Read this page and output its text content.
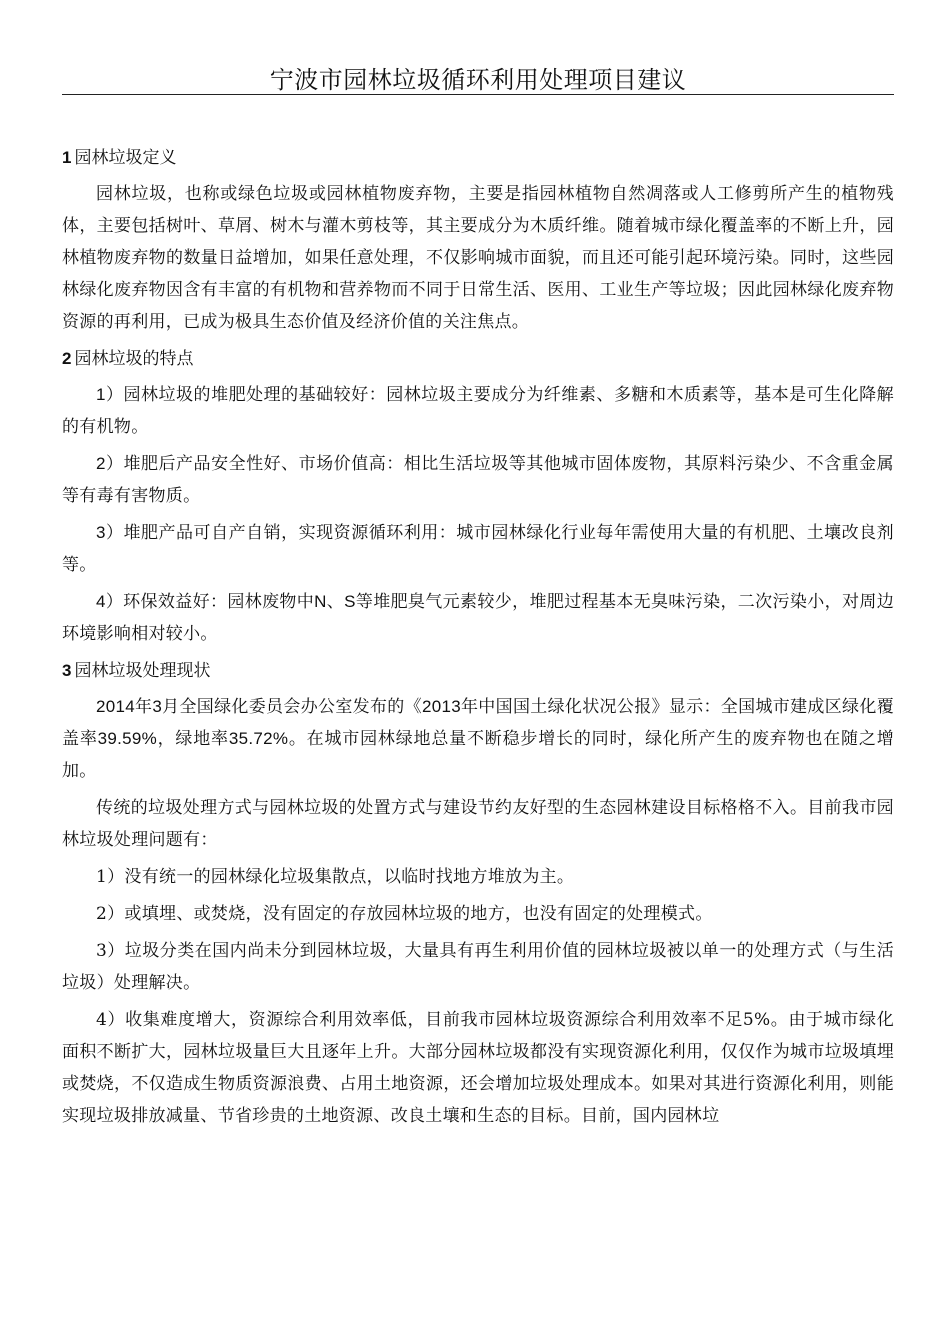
宁波市园林垃圾循环利用处理项目建议
1 园林垃圾定义

园林垃圾，也称或绿色垃圾或园林植物废弃物，主要是指园林植物自然凋落或人工修剪所产生的植物残体，主要包括树叶、草屑、树木与灌木剪枝等，其主要成分为木质纤维。随着城市绿化覆盖率的不断上升，园林植物废弃物的数量日益增加，如果任意处理，不仅影响城市面貌，而且还可能引起环境污染。同时，这些园林绿化废弃物因含有丰富的有机物和营养物而不同于日常生活、医用、工业生产等垃圾；因此园林绿化废弃物资源的再利用，已成为极具生态价值及经济价值的关注焦点。

2 园林垃圾的特点

1）园林垃圾的堆肥处理的基础较好：园林垃圾主要成分为纤维素、多糖和木质素等，基本是可生化降解的有机物。

2）堆肥后产品安全性好、市场价值高：相比生活垃圾等其他城市固体废物，其原料污染少、不含重金属等有毒有害物质。

3）堆肥产品可自产自销，实现资源循环利用：城市园林绿化行业每年需使用大量的有机肥、土壤改良剂等。

4）环保效益好：园林废物中N、S等堆肥臭气元素较少，堆肥过程基本无臭味污染，二次污染小，对周边环境影响相对较小。

3 园林垃圾处理现状

2014年3月全国绿化委员会办公室发布的《2013年中国国土绿化状况公报》显示：全国城市建成区绿化覆盖率39.59%，绿地率35.72%。在城市园林绿地总量不断稳步增长的同时，绿化所产生的废弃物也在随之增加。

传统的垃圾处理方式与园林垃圾的处置方式与建设节约友好型的生态园林建设目标格格不入。目前我市园林垃圾处理问题有：

1）没有统一的园林绿化垃圾集散点，以临时找地方堆放为主。

2）或填埋、或焚烧，没有固定的存放园林垃圾的地方，也没有固定的处理模式。

3）垃圾分类在国内尚未分到园林垃圾，大量具有再生利用价值的园林垃圾被以单一的处理方式（与生活垃圾）处理解决。

4）收集难度增大，资源综合利用效率低，目前我市园林垃圾资源综合利用效率不足5%。由于城市绿化面积不断扩大，园林垃圾量巨大且逐年上升。大部分园林垃圾都没有实现资源化利用，仅仅作为城市垃圾填埋或焚烧，不仅造成生物质资源浪费、占用土地资源，还会增加垃圾处理成本。如果对其进行资源化利用，则能实现垃圾排放减量、节省珍贵的土地资源、改良土壤和生态的目标。目前，国内园林垃
